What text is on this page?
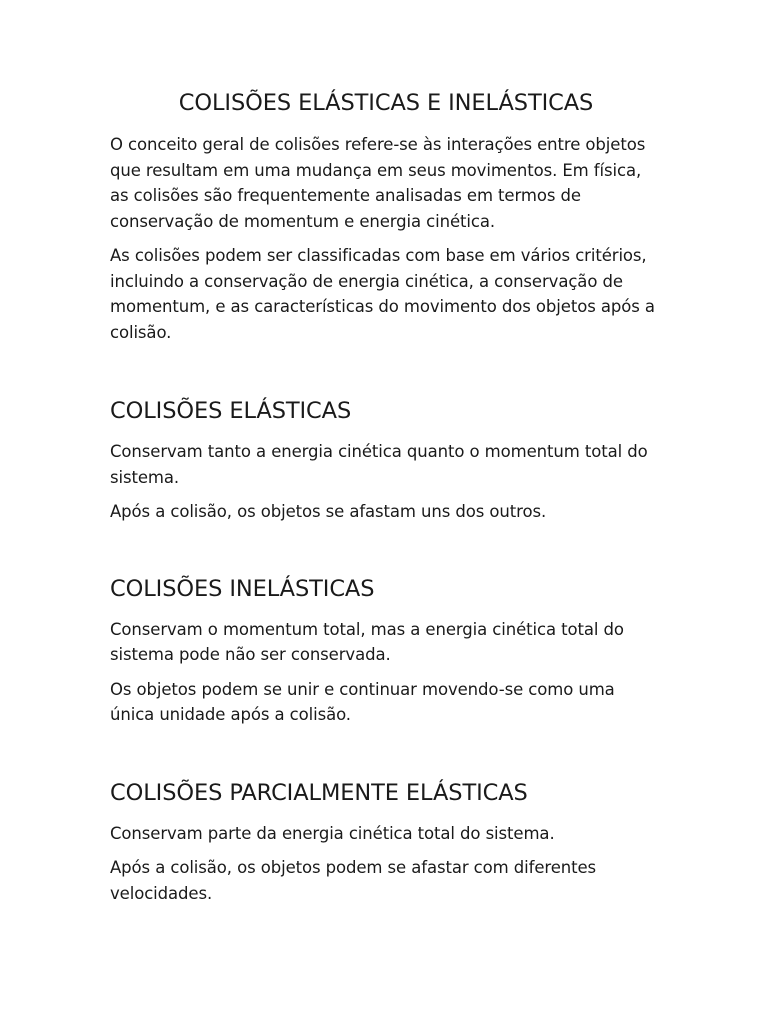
COLISÕES ELÁSTICAS E INELÁSTICAS

O conceito geral de colisões refere-se às interações entre objetos que resultam em uma mudança em seus movimentos. Em física, as colisões são frequentemente analisadas em termos de conservação de momentum e energia cinética.

As colisões podem ser classificadas com base em vários critérios, incluindo a conservação de energia cinética, a conservação de momentum, e as características do movimento dos objetos após a colisão.

COLISÕES ELÁSTICAS

Conservam tanto a energia cinética quanto o momentum total do sistema.

Após a colisão, os objetos se afastam uns dos outros.

COLISÕES INELÁSTICAS

Conservam o momentum total, mas a energia cinética total do sistema pode não ser conservada.

Os objetos podem se unir e continuar movendo-se como uma única unidade após a colisão.

COLISÕES PARCIALMENTE ELÁSTICAS

Conservam parte da energia cinética total do sistema.

Após a colisão, os objetos podem se afastar com diferentes velocidades.
